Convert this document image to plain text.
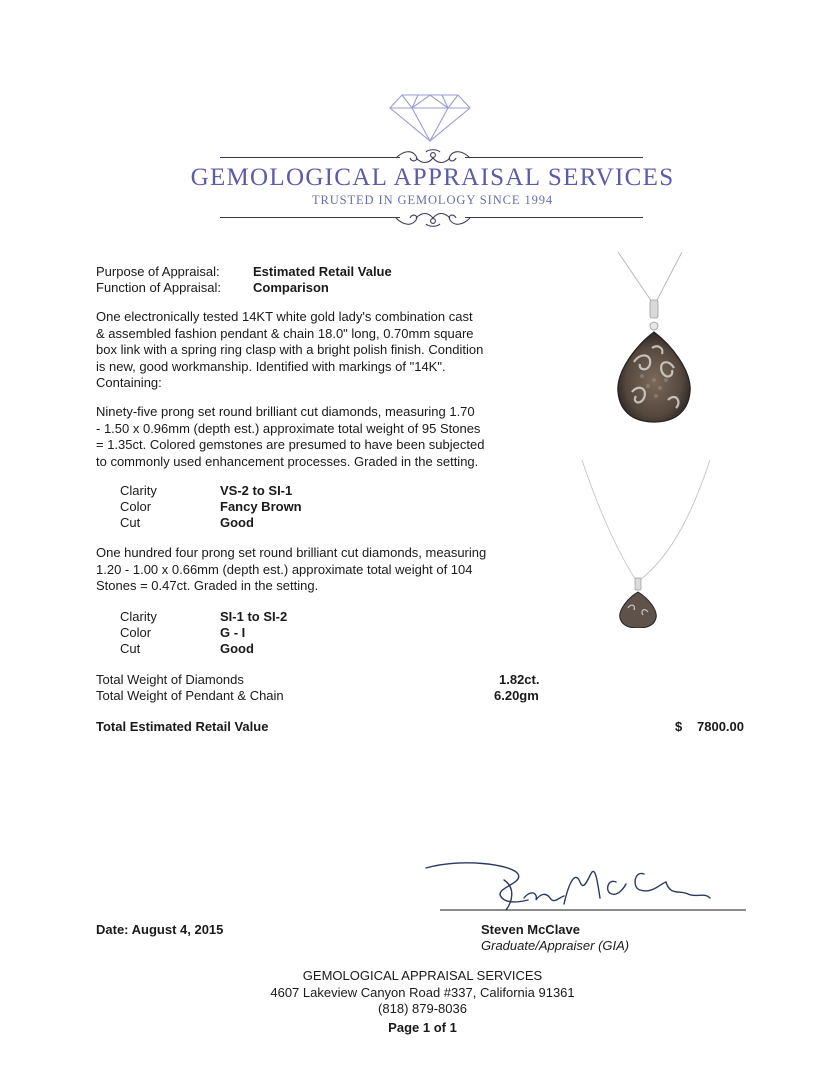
GEMOLOGICAL APPRAISAL SERVICES
TRUSTED IN GEMOLOGY SINCE 1994
Purpose of Appraisal:	Estimated Retail Value
Function of Appraisal: Comparison
One electronically tested 14KT white gold lady's combination cast
& assembled fashion pendant & chain 18.0" long, 0.70mm square
box link with a spring ring clasp with a bright polish finish. Condition
is new, good workmanship. Identified with markings of "14K".
Containing:
Ninety-five prong set round brilliant cut diamonds, measuring 1.70
- 1.50 x 0.96mm (depth est.) approximate total weight of 95 Stones
= 1.35ct. Colored gemstones are presumed to have been subjected
to commonly used enhancement processes. Graded in the setting.
Clarity	VS-2 to SI-1
Color	Fancy Brown
Cut	Good
One hundred four prong set round brilliant cut diamonds, measuring
1.20 - 1.00 x 0.66mm (depth est.) approximate total weight of 104
Stones = 0.47ct. Graded in the setting.
Clarity	SI-1 to SI-2
Color	G - I
Cut	Good
Total Weight of Diamonds	1.82ct.
Total Weight of Pendant & Chain	6.20gm
Total Estimated Retail Value	$ 7800.00
Date: August 4, 2015	Steven McClave
Graduate/Appraiser (GIA)
GEMOLOGICAL APPRAISAL SERVICES
4607 Lakeview Canyon Road #337, California 91361
(818) 879-8036
Page 1 of 1
